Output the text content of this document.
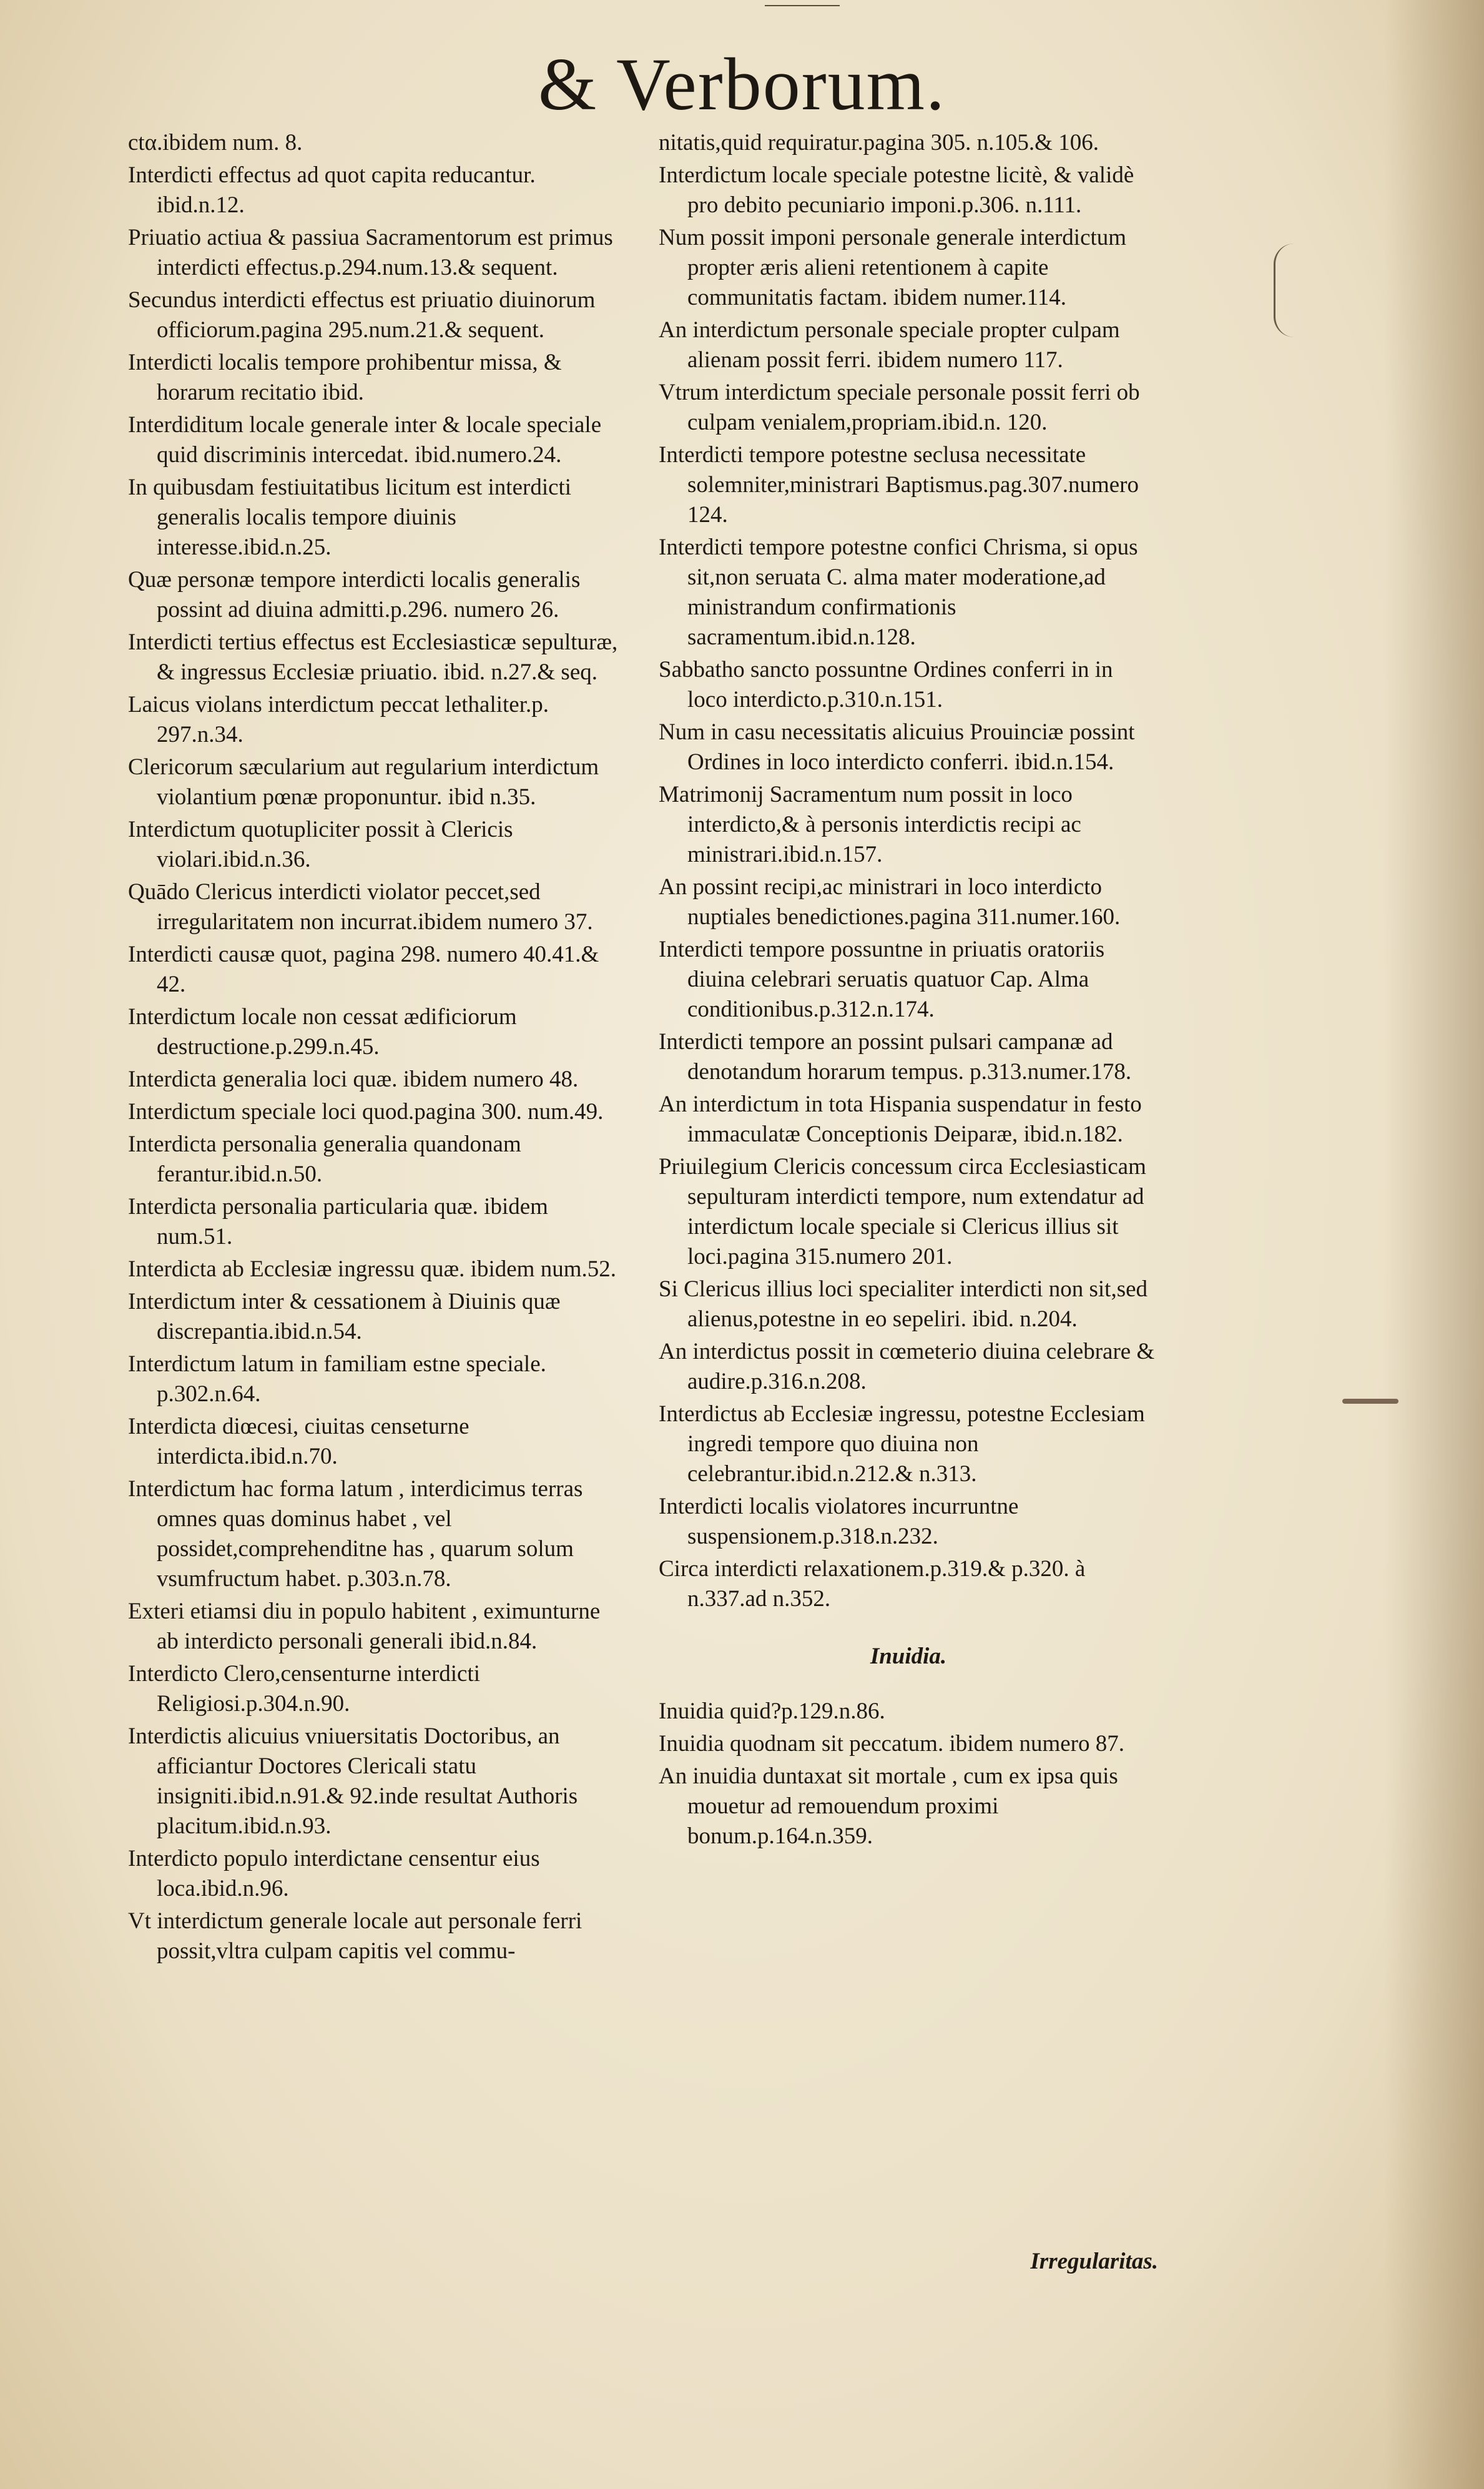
& Verborum.
ctα.ibidem num. 8.
Interdicti effectus ad quot capita reducantur. ibid.n.12.
Priuatio actiua & passiua Sacramentorum est primus interdicti effectus.p.294.num.13.& sequent.
Secundus interdicti effectus est priuatio diuinorum officiorum.pagina 295.num.21.& sequent.
Interdicti localis tempore prohibentur missa, & horarum recitatio ibid.
Interdiditum locale generale inter & locale speciale quid discriminis intercedat. ibid.numero.24.
In quibusdam festiuitatibus licitum est interdicti generalis localis tempore diuinis interesse.ibid.n.25.
Quæ personæ tempore interdicti localis generalis possint ad diuina admitti.p.296. numero 26.
Interdicti tertius effectus est Ecclesiasticæ sepulturæ, & ingressus Ecclesiæ priuatio. ibid. n.27.& seq.
Laicus violans interdictum peccat lethaliter.p. 297.n.34.
Clericorum sæcularium aut regularium interdictum violantium pœnæ proponuntur. ibid n.35.
Interdictum quotupliciter possit à Clericis violari.ibid.n.36.
Quādo Clericus interdicti violator peccet,sed irregularitatem non incurrat.ibidem numero 37.
Interdicti causæ quot, pagina 298. numero 40.41.& 42.
Interdictum locale non cessat ædificiorum destructione.p.299.n.45.
Interdicta generalia loci quæ. ibidem numero 48.
Interdictum speciale loci quod.pagina 300. num.49.
Interdicta personalia generalia quandonam ferantur.ibid.n.50.
Interdicta personalia particularia quæ. ibidem num.51.
Interdicta ab Ecclesiæ ingressu quæ. ibidem num.52.
Interdictum inter & cessationem à Diuinis quæ discrepantia.ibid.n.54.
Interdictum latum in familiam estne speciale. p.302.n.64.
Interdicta diœcesi, ciuitas censeturne interdicta.ibid.n.70.
Interdictum hac forma latum , interdicimus terras omnes quas dominus habet , vel possidet,comprehenditne has , quarum solum vsumfructum habet. p.303.n.78.
Exteri etiamsi diu in populo habitent , eximunturne ab interdicto personali generali ibid.n.84.
Interdicto Clero,censenturne interdicti Religiosi.p.304.n.90.
Interdictis alicuius vniuersitatis Doctoribus, an afficiantur Doctores Clericali statu insigniti.ibid.n.91.& 92.inde resultat Authoris placitum.ibid.n.93.
Interdicto populo interdictane censentur eius loca.ibid.n.96.
Vt interdictum generale locale aut personale ferri possit,vltra culpam capitis vel commu-
nitatis,quid requiratur.pagina 305. n.105.& 106.
Interdictum locale speciale potestne licitè, & validè pro debito pecuniario imponi.p.306. n.111.
Num possit imponi personale generale interdictum propter æris alieni retentionem à capite communitatis factam. ibidem numer.114.
An interdictum personale speciale propter culpam alienam possit ferri. ibidem numero 117.
Vtrum interdictum speciale personale possit ferri ob culpam venialem,propriam.ibid.n. 120.
Interdicti tempore potestne seclusa necessitate solemniter,ministrari Baptismus.pag.307.numero 124.
Interdicti tempore potestne confici Chrisma, si opus sit,non seruata C. alma mater moderatione,ad ministrandum confirmationis sacramentum.ibid.n.128.
Sabbatho sancto possuntne Ordines conferri in in loco interdicto.p.310.n.151.
Num in casu necessitatis alicuius Prouinciæ possint Ordines in loco interdicto conferri. ibid.n.154.
Matrimonij Sacramentum num possit in loco interdicto,& à personis interdictis recipi ac ministrari.ibid.n.157.
An possint recipi,ac ministrari in loco interdicto nuptiales benedictiones.pagina 311.numer.160.
Interdicti tempore possuntne in priuatis oratoriis diuina celebrari seruatis quatuor Cap. Alma conditionibus.p.312.n.174.
Interdicti tempore an possint pulsari campanæ ad denotandum horarum tempus. p.313.numer.178.
An interdictum in tota Hispania suspendatur in festo immaculatæ Conceptionis Deiparæ, ibid.n.182.
Priuilegium Clericis concessum circa Ecclesiasticam sepulturam interdicti tempore, num extendatur ad interdictum locale speciale si Clericus illius sit loci.pagina 315.numero 201.
Si Clericus illius loci specialiter interdicti non sit,sed alienus,potestne in eo sepeliri. ibid. n.204.
An interdictus possit in cœmeterio diuina celebrare & audire.p.316.n.208.
Interdictus ab Ecclesiæ ingressu, potestne Ecclesiam ingredi tempore quo diuina non celebrantur.ibid.n.212.& n.313.
Interdicti localis violatores incurruntne suspensionem.p.318.n.232.
Circa interdicti relaxationem.p.319.& p.320. à n.337.ad n.352.
Inuidia.
Inuidia quid?p.129.n.86.
Inuidia quodnam sit peccatum. ibidem numero 87.
An inuidia duntaxat sit mortale , cum ex ipsa quis mouetur ad remouendum proximi bonum.p.164.n.359.
Irregularitas.
